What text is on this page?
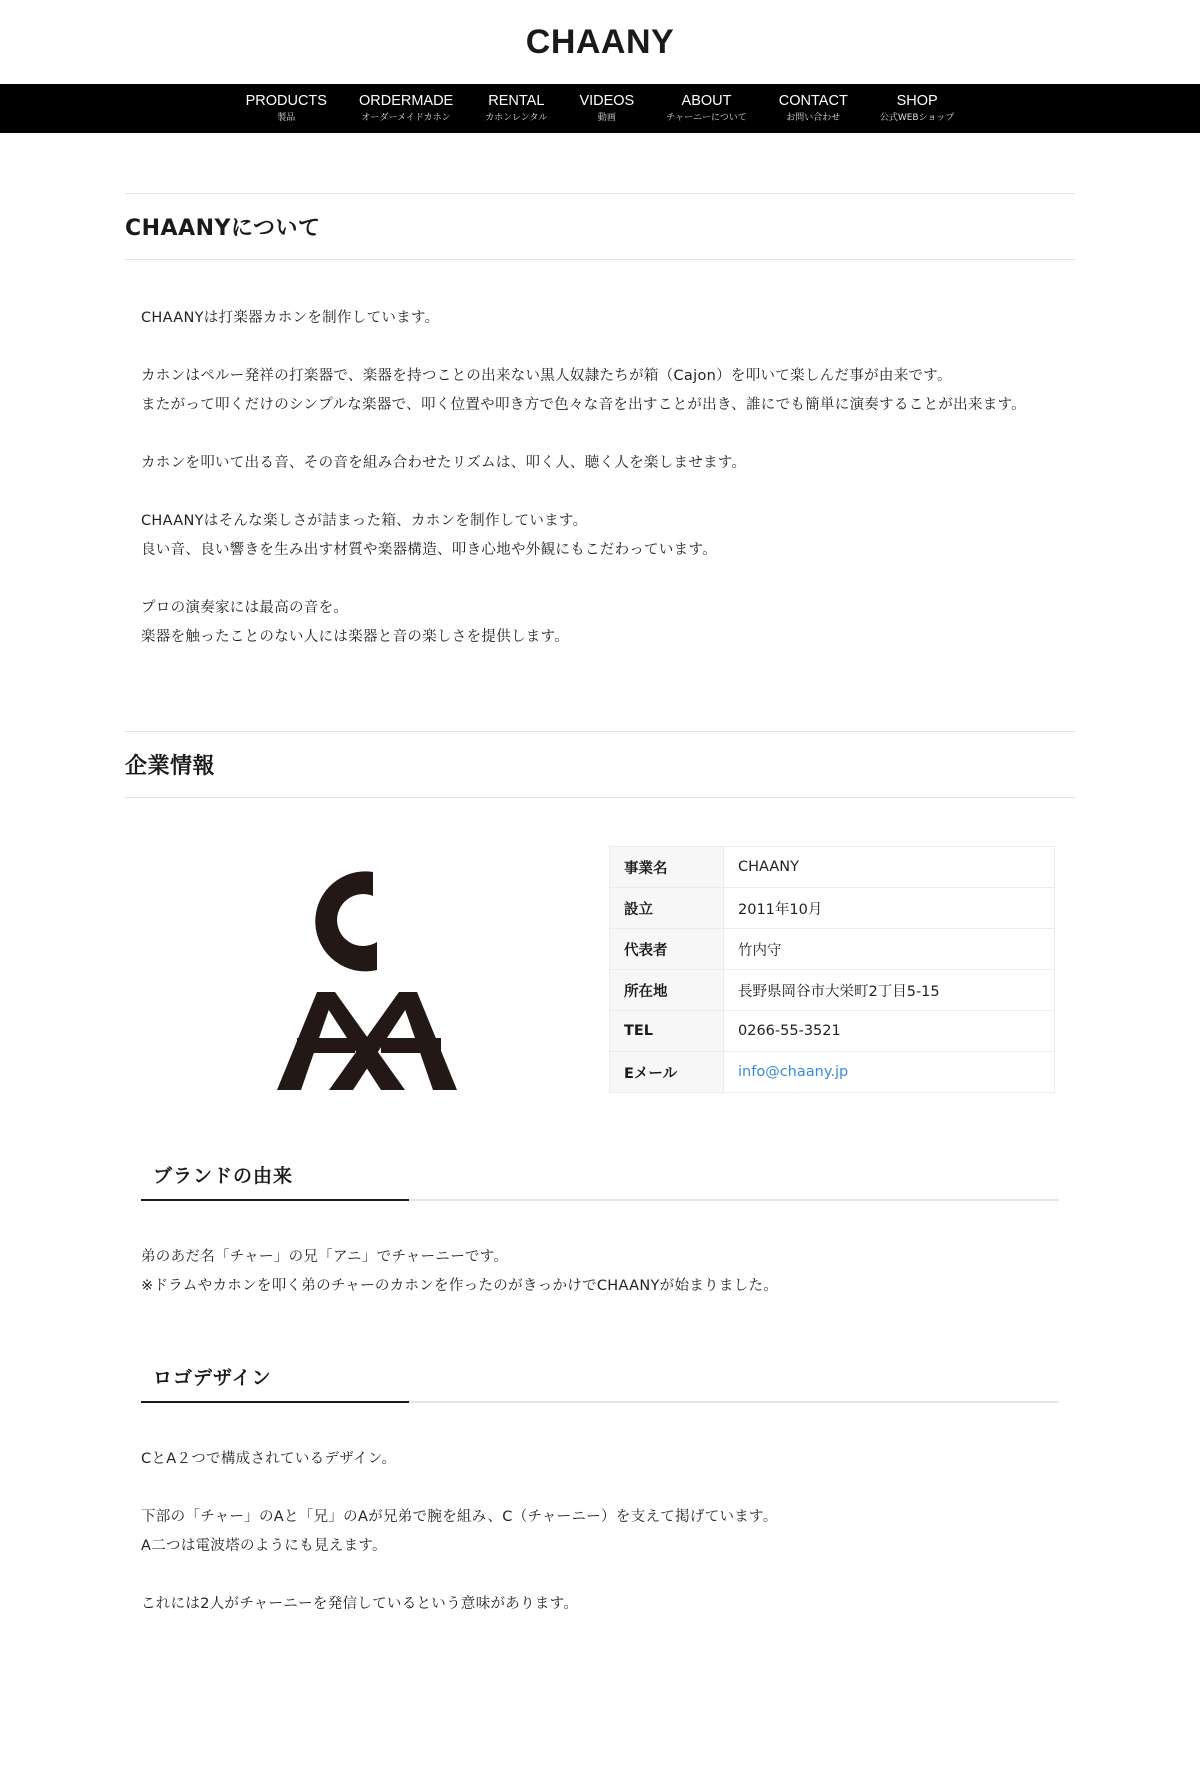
CHAANY
PRODUCTS
製品
ORDERMADE
オーダーメイドカホン
RENTAL
カホンレンタル
VIDEOS
動画
ABOUT
チャーニーについて
CONTACT
お問い合わせ
SHOP
公式WEBショップ
CHAANYについて

CHAANYは打楽器カホンを制作しています。

カホンはペルー発祥の打楽器で、楽器を持つことの出来ない黒人奴隷たちが箱（Cajon）を叩いて楽しんだ事が由来です。
またがって叩くだけのシンプルな楽器で、叩く位置や叩き方で色々な音を出すことが出き、誰にでも簡単に演奏することが出来ます。

カホンを叩いて出る音、その音を組み合わせたリズムは、叩く人、聴く人を楽しませます。

CHAANYはそんな楽しさが詰まった箱、カホンを制作しています。
良い音、良い響きを生み出す材質や楽器構造、叩き心地や外観にもこだわっています。

プロの演奏家には最高の音を。
楽器を触ったことのない人には楽器と音の楽しさを提供します。

企業情報
事業名	CHAANY
設立	2011年10月
代表者	竹内守
所在地	長野県岡谷市大栄町2丁目5-15
TEL	0266-55-3521
Eメール	info@chaany.jp
ブランドの由来

弟のあだ名「チャー」の兄「アニ」でチャーニーです。
※ドラムやカホンを叩く弟のチャーのカホンを作ったのがきっかけでCHAANYが始まりました。

ロゴデザイン

CとA２つで構成されているデザイン。

下部の「チャー」のAと「兄」のAが兄弟で腕を組み、C（チャーニー）を支えて掲げています。
A二つは電波塔のようにも見えます。

これには2人がチャーニーを発信しているという意味があります。
